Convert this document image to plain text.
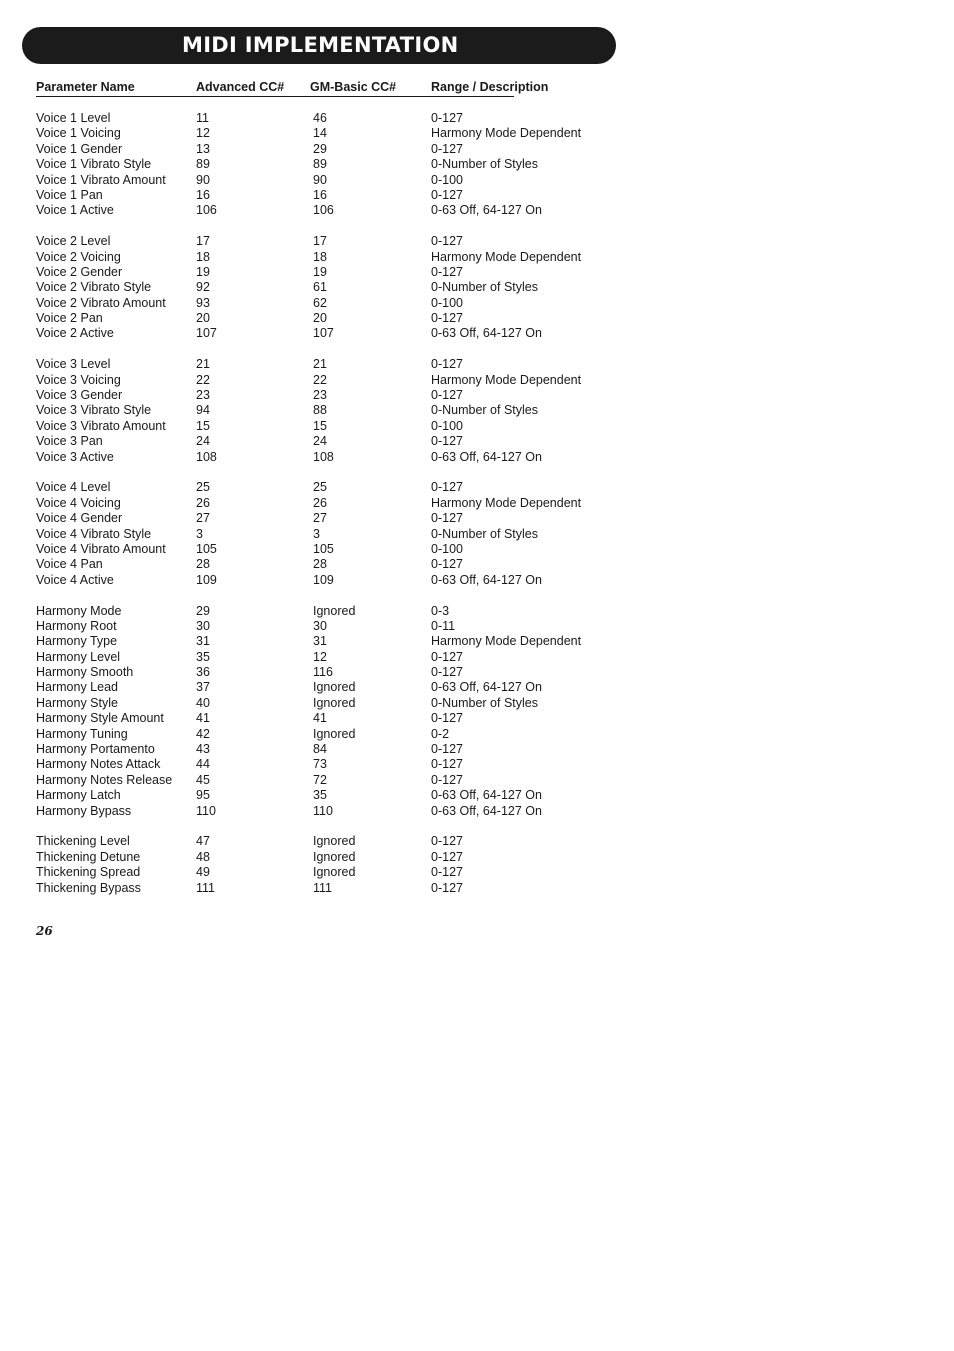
MIDI IMPLEMENTATION
Parameter Name	Advanced CC# GM-Basic CC#	Range / Description
Voice 1 Level	11	46	0-127
Voice 1 Voicing	12	14	Harmony Mode Dependent
Voice 1 Gender	13	29	0-127
Voice 1 Vibrato Style	89	89	0-Number of Styles
Voice 1 Vibrato Amount 90	90	0-100
Voice 1 Pan	16	16	0-127
Voice 1 Active	106	106	0-63 Off, 64-127 On
Voice 2 Level	17	17	0-127
Voice 2 Voicing	18	18	Harmony Mode Dependent
Voice 2 Gender	19	19	0-127
Voice 2 Vibrato Style	92	61	0-Number of Styles
Voice 2 Vibrato Amount 93	62	0-100
Voice 2 Pan	20	20	0-127
Voice 2 Active	107	107	0-63 Off, 64-127 On
Voice 3 Level	21	21	0-127
Voice 3 Voicing	22	22	Harmony Mode Dependent
Voice 3 Gender	23	23	0-127
Voice 3 Vibrato Style	94	88	0-Number of Styles
Voice 3 Vibrato Amount 15	15	0-100
Voice 3 Pan	24	24	0-127
Voice 3 Active	108	108	0-63 Off, 64-127 On
Voice 4 Level	25	25	0-127
Voice 4 Voicing	26	26	Harmony Mode Dependent
Voice 4 Gender	27	27	0-127
Voice 4 Vibrato Style	3	3	0-Number of Styles
Voice 4 Vibrato Amount 105	105	0-100
Voice 4 Pan	28	28	0-127
Voice 4 Active	109	109	0-63 Off, 64-127 On
Harmony Mode	29	Ignored	0-3
Harmony Root	30	30	0-11
Harmony Type	31	31	Harmony Mode Dependent
Harmony Level	35	12	0-127
Harmony Smooth	36	116	0-127
Harmony Lead	37	Ignored	0-63 Off, 64-127 On
Harmony Style	40	Ignored	0-Number of Styles
Harmony Style Amount	41	41	0-127
Harmony Tuning	42	Ignored	0-2
Harmony Portamento	43	84	0-127
Harmony Notes Attack	44	73	0-127
Harmony Notes Release 45	72	0-127
Harmony Latch	95	35	0-63 Off, 64-127 On
Harmony Bypass	110	110	0-63 Off, 64-127 On
Thickening Level	47	Ignored	0-127
Thickening Detune	48	Ignored	0-127
Thickening Spread	49	Ignored	0-127
Thickening Bypass	111	111	0-127
26
